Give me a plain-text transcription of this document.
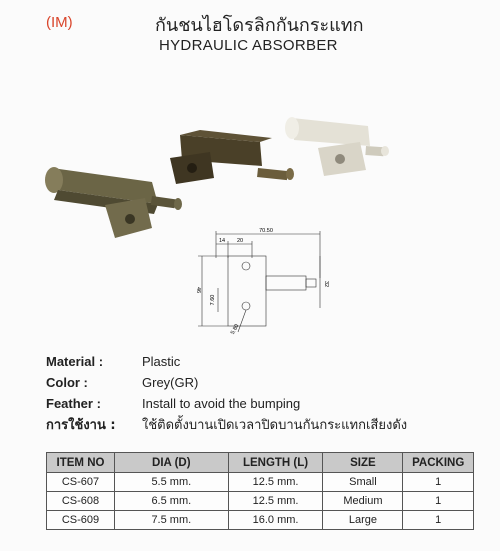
(IM)	กันชนไฮโดรลิกกันกระแทก
HYDRAULIC ABSORBER
70.50
14 20
46
32
7.60
5.80
Material :	Plastic
Color :	Grey(GR)
Feather :	Install to avoid the bumping
การใช้งาน : ใช้ติดตั้งบานเปิดเวลาปิดบานกันกระแทกเสียงดัง
ITEM NO	DIA (D)	LENGTH (L)	SIZE	PACKING
CS-607	5.5 mm.	12.5 mm.	Small	1
CS-608	6.5 mm.	12.5 mm.	Medium	1
CS-609	7.5 mm.	16.0 mm.	Large	1
